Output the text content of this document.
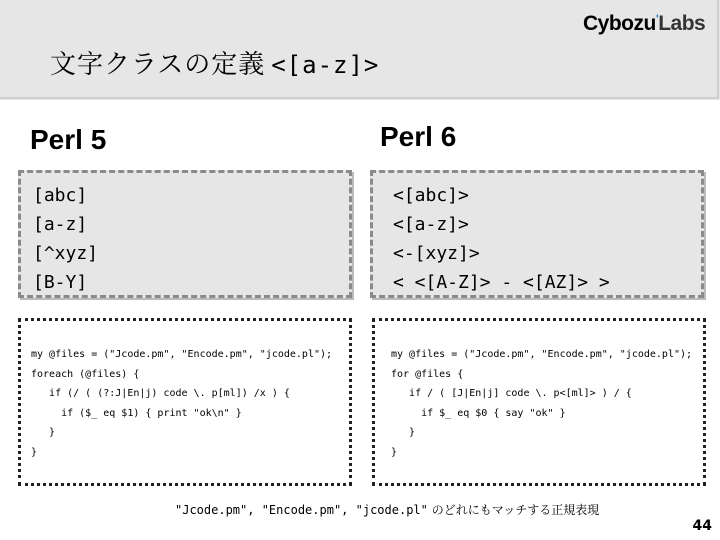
文字クラスの定義 <[a-z]>
Cybozu'Labs
Perl 5	Perl 6
[abc]
[a-z]
[^xyz]
[B-Y]
<[abc]>
<[a-z]>
<-[xyz]>
< <[A-Z]> - <[AZ]> >
my @files = ("Jcode.pm", "Encode.pm", "jcode.pl");
foreach (@files) {
if (/ ( (?:J|En|j) code \. p[ml]) /x ) {
if ($_ eq $1) { print "ok\n" }
}
}
my @files = ("Jcode.pm", "Encode.pm", "jcode.pl");
for @files {
if / ( [J|En|j] code \. p<[ml]> ) / {
if $_ eq $0 { say "ok" }
}
}
"Jcode.pm", "Encode.pm", "jcode.pl" のどれにもマッチする正規表現
44
